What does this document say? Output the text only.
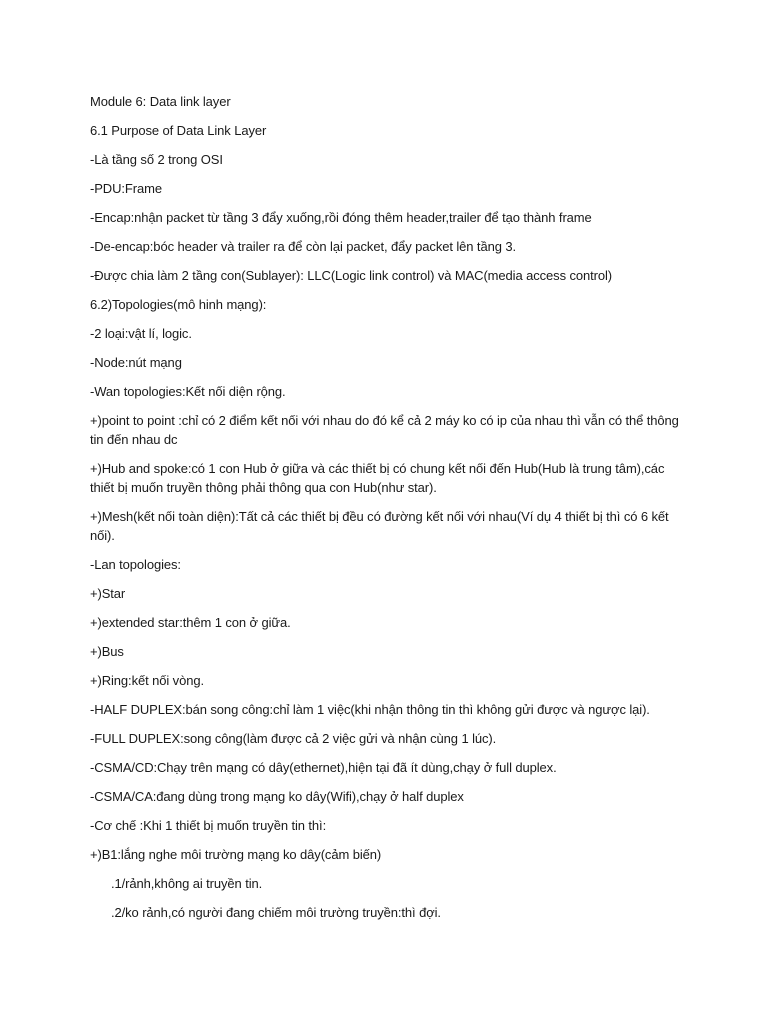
Module 6: Data link layer

6.1 Purpose of Data Link Layer

-Là tầng số 2 trong OSI

-PDU:Frame

-Encap:nhận packet từ tầng 3 đẩy xuống,rồi đóng thêm header,trailer để tạo thành frame

-De-encap:bóc header và trailer ra để còn lại packet, đẩy packet lên tầng 3.

-Được chia làm 2 tầng con(Sublayer): LLC(Logic link control) và MAC(media access control)

6.2)Topologies(mô hinh mạng):

-2 loại:vật lí, logic.

-Node:nút mạng

-Wan topologies:Kết nối diện rộng.

+)point to point :chỉ có 2 điểm kết nối với nhau do đó kể cả 2 máy ko có ip của nhau thì vẫn có thể thông tin đến nhau dc

+)Hub and spoke:có 1 con Hub ở giữa và các thiết bị có chung kết nối đến Hub(Hub là trung tâm),các thiết bị muốn truyền thông phải thông qua con Hub(như star).

+)Mesh(kết nối toàn diện):Tất cả các thiết bị đều có đường kết nối với nhau(Ví dụ 4 thiết bị thì có 6 kết nối).

-Lan topologies:

+)Star

+)extended star:thêm 1 con ở giữa.

+)Bus

+)Ring:kết nối vòng.

-HALF DUPLEX:bán song công:chỉ làm 1 việc(khi nhận thông tin thì không gửi được và ngược lại).

-FULL DUPLEX:song công(làm được cả 2 việc gửi và nhận cùng 1 lúc).

-CSMA/CD:Chạy trên mạng có dây(ethernet),hiện tại đã ít dùng,chạy ở full duplex.

-CSMA/CA:đang dùng trong mạng ko dây(Wifi),chạy ở half duplex

-Cơ chế :Khi 1 thiết bị muốn truyền tin thì:

+)B1:lắng nghe môi trường mạng ko dây(cảm biến)

.1/rảnh,không ai truyền tin.

.2/ko rảnh,có người đang chiếm môi trường truyền:thì đợi.
